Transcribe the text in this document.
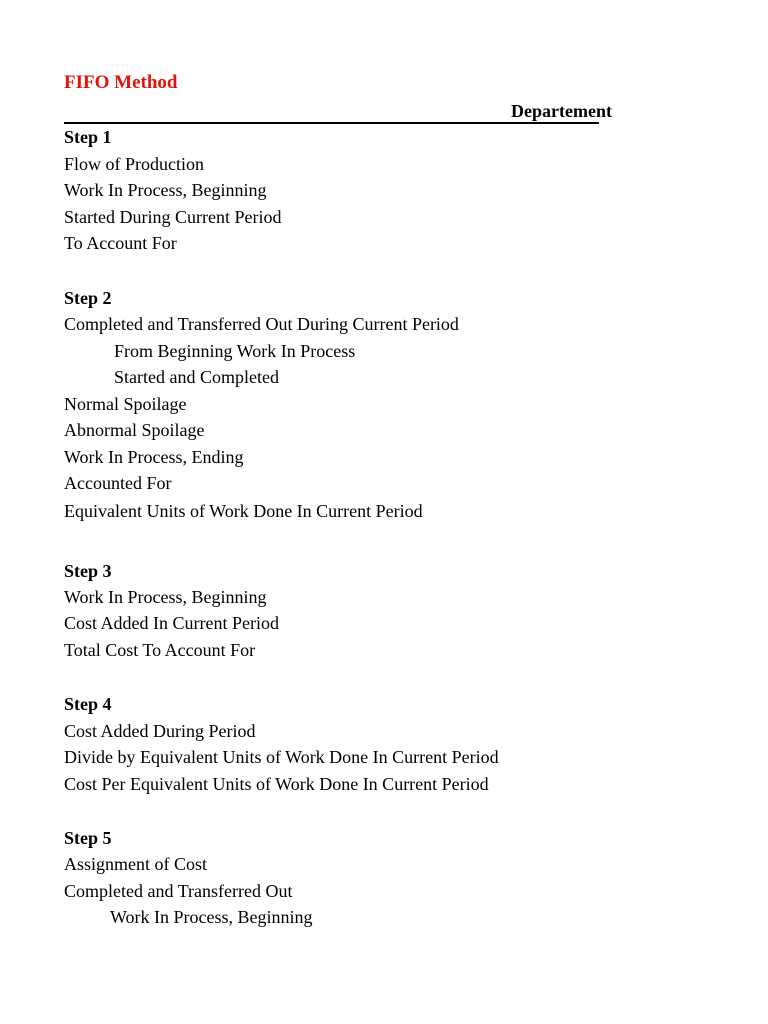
FIFO Method
Departement
Step 1
Flow of Production
Work In Process, Beginning
Started During Current Period
To Account For
Step 2
Completed and Transferred Out During Current Period
From Beginning Work In Process
Started and Completed
Normal Spoilage
Abnormal Spoilage
Work In Process, Ending
Accounted For
Equivalent Units of Work Done In Current Period
Step 3
Work In Process, Beginning
Cost Added In Current Period
Total Cost To Account For
Step 4
Cost Added During Period
Divide by Equivalent Units of Work Done In Current Period
Cost Per Equivalent Units of Work Done In Current Period
Step 5
Assignment of Cost
Completed and Transferred Out
Work In Process, Beginning
